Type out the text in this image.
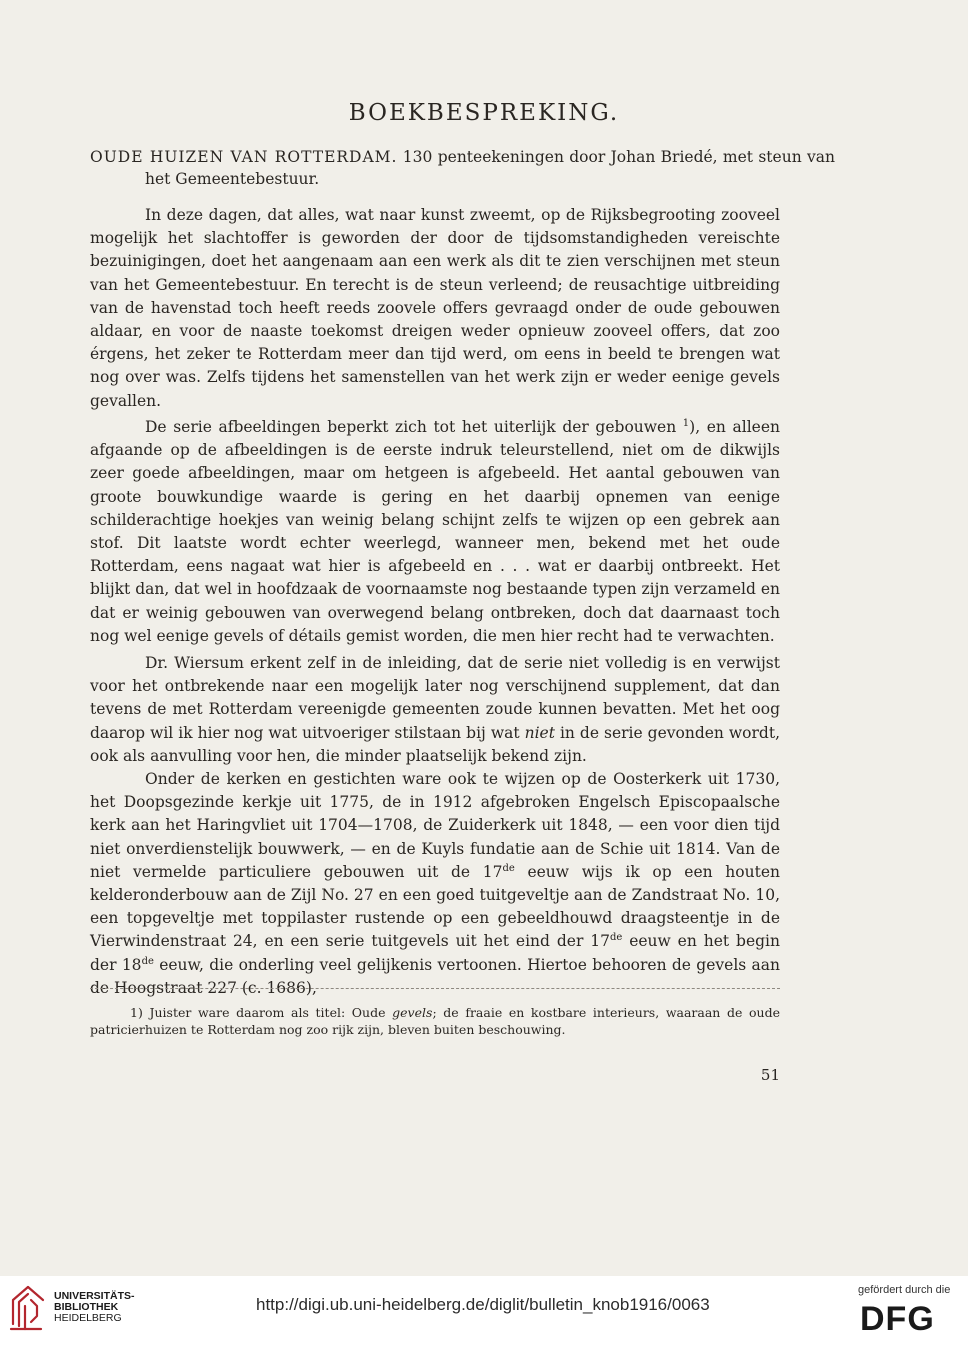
BOEKBESPREKING.

OUDE HUIZEN VAN ROTTERDAM. 130 penteekeningen door Johan Briedé, met steun van het Gemeentebestuur.

In deze dagen, dat alles, wat naar kunst zweemt, op de Rijksbegrooting zooveel mogelijk het slachtoffer is geworden der door de tijdsomstandigheden vereischte bezuinigingen, doet het aangenaam aan een werk als dit te zien verschijnen met steun van het Gemeentebestuur. En terecht is de steun verleend; de reusachtige uitbreiding van de havenstad toch heeft reeds zoovele offers gevraagd onder de oude gebouwen aldaar, en voor de naaste toekomst dreigen weder opnieuw zooveel offers, dat zoo érgens, het zeker te Rotterdam meer dan tijd werd, om eens in beeld te brengen wat nog over was. Zelfs tijdens het samenstellen van het werk zijn er weder eenige gevels gevallen.

De serie afbeeldingen beperkt zich tot het uiterlijk der gebouwen $^1$), en alleen afgaande op de afbeeldingen is de eerste indruk teleurstellend, niet om de dikwijls zeer goede afbeeldingen, maar om hetgeen is afgebeeld. Het aantal gebouwen van groote bouwkundige waarde is gering en het daarbij opnemen van eenige schilderachtige hoekjes van weinig belang schijnt zelfs te wijzen op een gebrek aan stof. Dit laatste wordt echter weerlegd, wanneer men, bekend met het oude Rotterdam, eens nagaat wat hier is afgebeeld en . . . wat er daarbij ontbreekt. Het blijkt dan, dat wel in hoofdzaak de voornaamste nog bestaande typen zijn verzameld en dat er weinig gebouwen van overwegend belang ontbreken, doch dat daarnaast toch nog wel eenige gevels of détails gemist worden, die men hier recht had te verwachten.

Dr. Wiersum erkent zelf in de inleiding, dat de serie niet volledig is en verwijst voor het ontbrekende naar een mogelijk later nog verschijnend supplement, dat dan tevens de met Rotterdam vereenigde gemeenten zoude kunnen bevatten. Met het oog daarop wil ik hier nog wat uitvoeriger stilstaan bij wat niet in de serie gevonden wordt, ook als aanvulling voor hen, die minder plaatselijk bekend zijn.

Onder de kerken en gestichten ware ook te wijzen op de Oosterkerk uit 1730, het Doopsgezinde kerkje uit 1775, de in 1912 afgebroken Engelsch Episcopaalsche kerk aan het Haringvliet uit 1704—1708, de Zuiderkerk uit 1848, — een voor dien tijd niet onverdienstelijk bouwwerk, — en de Kuyls fundatie aan de Schie uit 1814. Van de niet vermelde particuliere gebouwen uit de 17de eeuw wijs ik op een houten kelderonderbouw aan de Zijl No. 27 en een goed tuitgeveltje aan de Zandstraat No. 10, een topgeveltje met toppilaster rustende op een gebeeldhouwd draagsteentje in de Vierwindenstraat 24, en een serie tuitgevels uit het eind der 17de eeuw en het begin der 18de eeuw, die onderling veel gelijkenis vertoonen. Hiertoe behooren de gevels aan de Hoogstraat 227 (c. 1686),

1) Juister ware daarom als titel: Oude gevels; de fraaie en kostbare interieurs, waaraan de oude patricierhuizen te Rotterdam nog zoo rijk zijn, bleven buiten beschouwing.

51

UNIVERSITÄTS-
BIBLIOTHEK
HEIDELBERG

http://digi.ub.uni-heidelberg.de/diglit/bulletin_knob1916/0063

gefördert durch die

DFG
